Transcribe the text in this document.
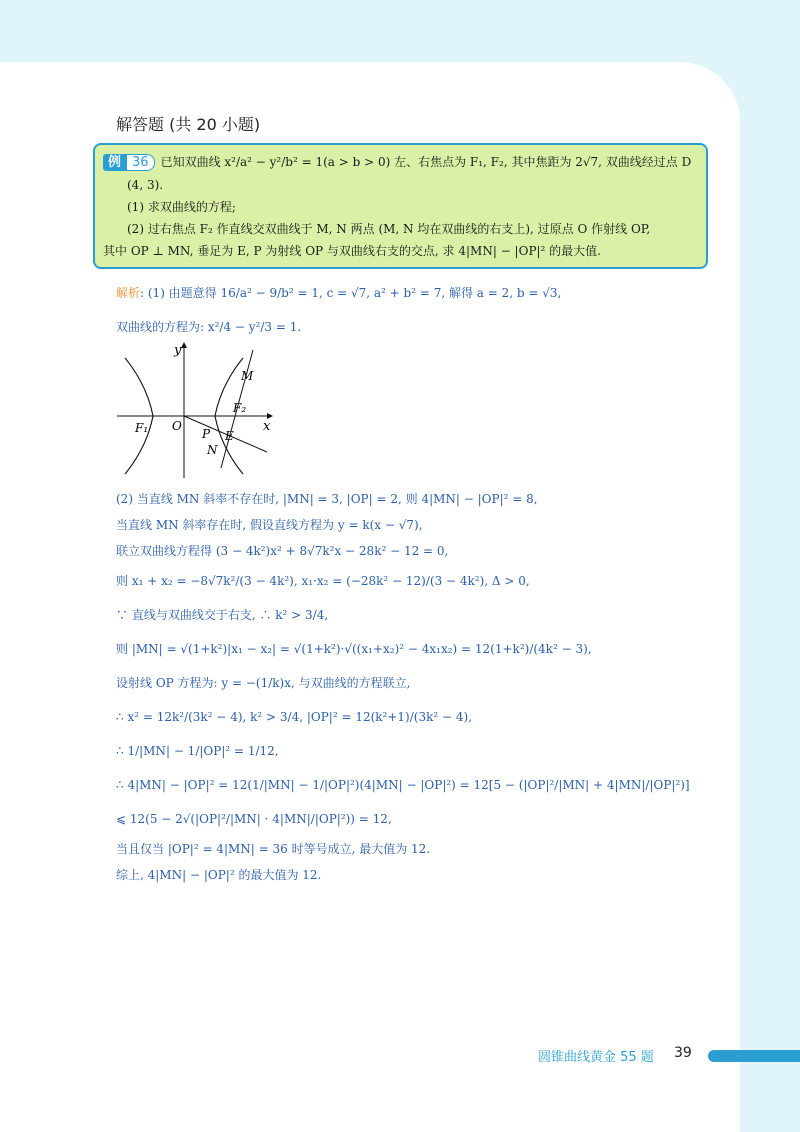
解答题 (共 20 小题)
例 36 已知双曲线 x²/a² − y²/b² = 1(a > b > 0) 左、右焦点为 F₁, F₂, 其中焦距为 2√7, 双曲线经过点 D
(4, 3).
(1) 求双曲线的方程;
(2) 过右焦点 F₂ 作直线交双曲线于 M, N 两点 (M, N 均在双曲线的右支上), 过原点 O 作射线 OP,
其中 OP ⊥ MN, 垂足为 E, P 为射线 OP 与双曲线右支的交点, 求 4|MN| − |OP|² 的最大值.
解析: (1) 由题意得 16/a² − 9/b² = 1, c = √7, a² + b² = 7, 解得 a = 2, b = √3,
双曲线的方程为: x²/4 − y²/3 = 1.
y
x
O
F₁
F₂
M
P E
N
(2) 当直线 MN 斜率不存在时, |MN| = 3, |OP| = 2, 则 4|MN| − |OP|² = 8,
当直线 MN 斜率存在时, 假设直线方程为 y = k(x − √7),
联立双曲线方程得 (3 − 4k²)x² + 8√7k²x − 28k² − 12 = 0,
则 x₁ + x₂ = −8√7k²/(3 − 4k²), x₁·x₂ = (−28k² − 12)/(3 − 4k²), Δ > 0,
∵ 直线与双曲线交于右支, ∴ k² > 3/4,
则 |MN| = √(1+k²)|x₁ − x₂| = √(1+k²)·√((x₁+x₂)² − 4x₁x₂) = 12(1+k²)/(4k² − 3),
设射线 OP 方程为: y = −(1/k)x, 与双曲线的方程联立,
∴ x² = 12k²/(3k² − 4), k² > 3/4, |OP|² = 12(k²+1)/(3k² − 4),
∴ 1/|MN| − 1/|OP|² = 1/12,
∴ 4|MN| − |OP|² = 12(1/|MN| − 1/|OP|²)(4|MN| − |OP|²) = 12[5 − (|OP|²/|MN| + 4|MN|/|OP|²)]
⩽ 12(5 − 2√(|OP|²/|MN| · 4|MN|/|OP|²)) = 12,
当且仅当 |OP|² = 4|MN| = 36 时等号成立, 最大值为 12.
综上, 4|MN| − |OP|² 的最大值为 12.
圆锥曲线黄金 55 题 39
